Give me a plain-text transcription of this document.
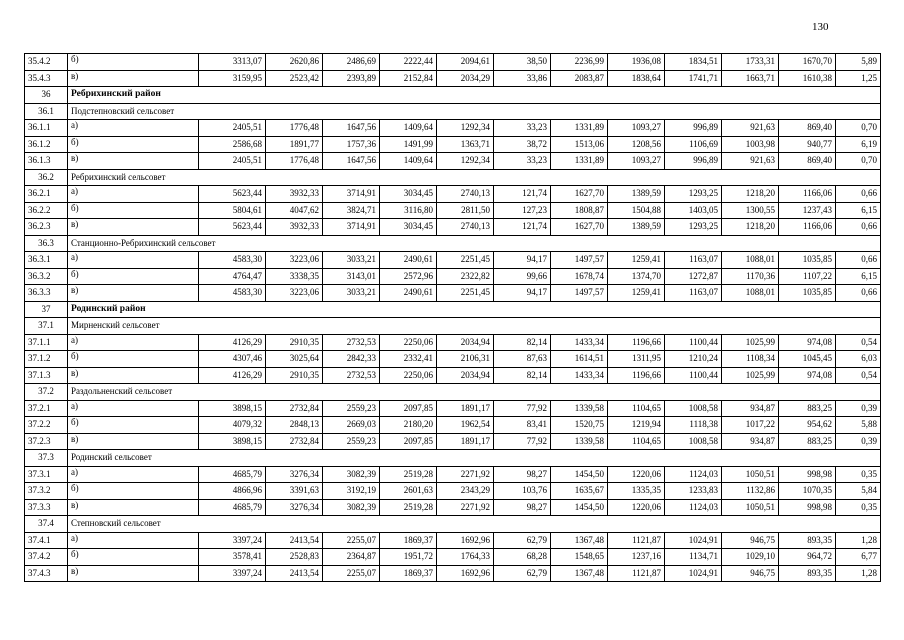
130
35.4.2	б)	3313,07	2620,86	2486,69	2222,44	2094,61	38,50	2236,99	1936,08	1834,51	1733,31	1670,70	5,89
35.4.3	в)	3159,95	2523,42	2393,89	2152,84	2034,29	33,86	2083,87	1838,64	1741,71	1663,71	1610,38	1,25
36	Ребрихинский район												
36.1	Подстепновский сельсовет												
36.1.1	а)	2405,51	1776,48	1647,56	1409,64	1292,34	33,23	1331,89	1093,27	996,89	921,63	869,40	0,70
36.1.2	б)	2586,68	1891,77	1757,36	1491,99	1363,71	38,72	1513,06	1208,56	1106,69	1003,98	940,77	6,19
36.1.3	в)	2405,51	1776,48	1647,56	1409,64	1292,34	33,23	1331,89	1093,27	996,89	921,63	869,40	0,70
36.2	Ребрихинский сельсовет												
36.2.1	а)	5623,44	3932,33	3714,91	3034,45	2740,13	121,74	1627,70	1389,59	1293,25	1218,20	1166,06	0,66
36.2.2	б)	5804,61	4047,62	3824,71	3116,80	2811,50	127,23	1808,87	1504,88	1403,05	1300,55	1237,43	6,15
36.2.3	в)	5623,44	3932,33	3714,91	3034,45	2740,13	121,74	1627,70	1389,59	1293,25	1218,20	1166,06	0,66
36.3	Станционно-Ребрихинский сельсовет												
36.3.1	а)	4583,30	3223,06	3033,21	2490,61	2251,45	94,17	1497,57	1259,41	1163,07	1088,01	1035,85	0,66
36.3.2	б)	4764,47	3338,35	3143,01	2572,96	2322,82	99,66	1678,74	1374,70	1272,87	1170,36	1107,22	6,15
36.3.3	в)	4583,30	3223,06	3033,21	2490,61	2251,45	94,17	1497,57	1259,41	1163,07	1088,01	1035,85	0,66
37	Родинский район												
37.1	Мирненский сельсовет												
37.1.1	а)	4126,29	2910,35	2732,53	2250,06	2034,94	82,14	1433,34	1196,66	1100,44	1025,99	974,08	0,54
37.1.2	б)	4307,46	3025,64	2842,33	2332,41	2106,31	87,63	1614,51	1311,95	1210,24	1108,34	1045,45	6,03
37.1.3	в)	4126,29	2910,35	2732,53	2250,06	2034,94	82,14	1433,34	1196,66	1100,44	1025,99	974,08	0,54
37.2	Раздольненский сельсовет												
37.2.1	а)	3898,15	2732,84	2559,23	2097,85	1891,17	77,92	1339,58	1104,65	1008,58	934,87	883,25	0,39
37.2.2	б)	4079,32	2848,13	2669,03	2180,20	1962,54	83,41	1520,75	1219,94	1118,38	1017,22	954,62	5,88
37.2.3	в)	3898,15	2732,84	2559,23	2097,85	1891,17	77,92	1339,58	1104,65	1008,58	934,87	883,25	0,39
37.3	Родинский сельсовет												
37.3.1	а)	4685,79	3276,34	3082,39	2519,28	2271,92	98,27	1454,50	1220,06	1124,03	1050,51	998,98	0,35
37.3.2	б)	4866,96	3391,63	3192,19	2601,63	2343,29	103,76	1635,67	1335,35	1233,83	1132,86	1070,35	5,84
37.3.3	в)	4685,79	3276,34	3082,39	2519,28	2271,92	98,27	1454,50	1220,06	1124,03	1050,51	998,98	0,35
37.4	Степновский сельсовет												
37.4.1	а)	3397,24	2413,54	2255,07	1869,37	1692,96	62,79	1367,48	1121,87	1024,91	946,75	893,35	1,28
37.4.2	б)	3578,41	2528,83	2364,87	1951,72	1764,33	68,28	1548,65	1237,16	1134,71	1029,10	964,72	6,77
37.4.3	в)	3397,24	2413,54	2255,07	1869,37	1692,96	62,79	1367,48	1121,87	1024,91	946,75	893,35	1,28
